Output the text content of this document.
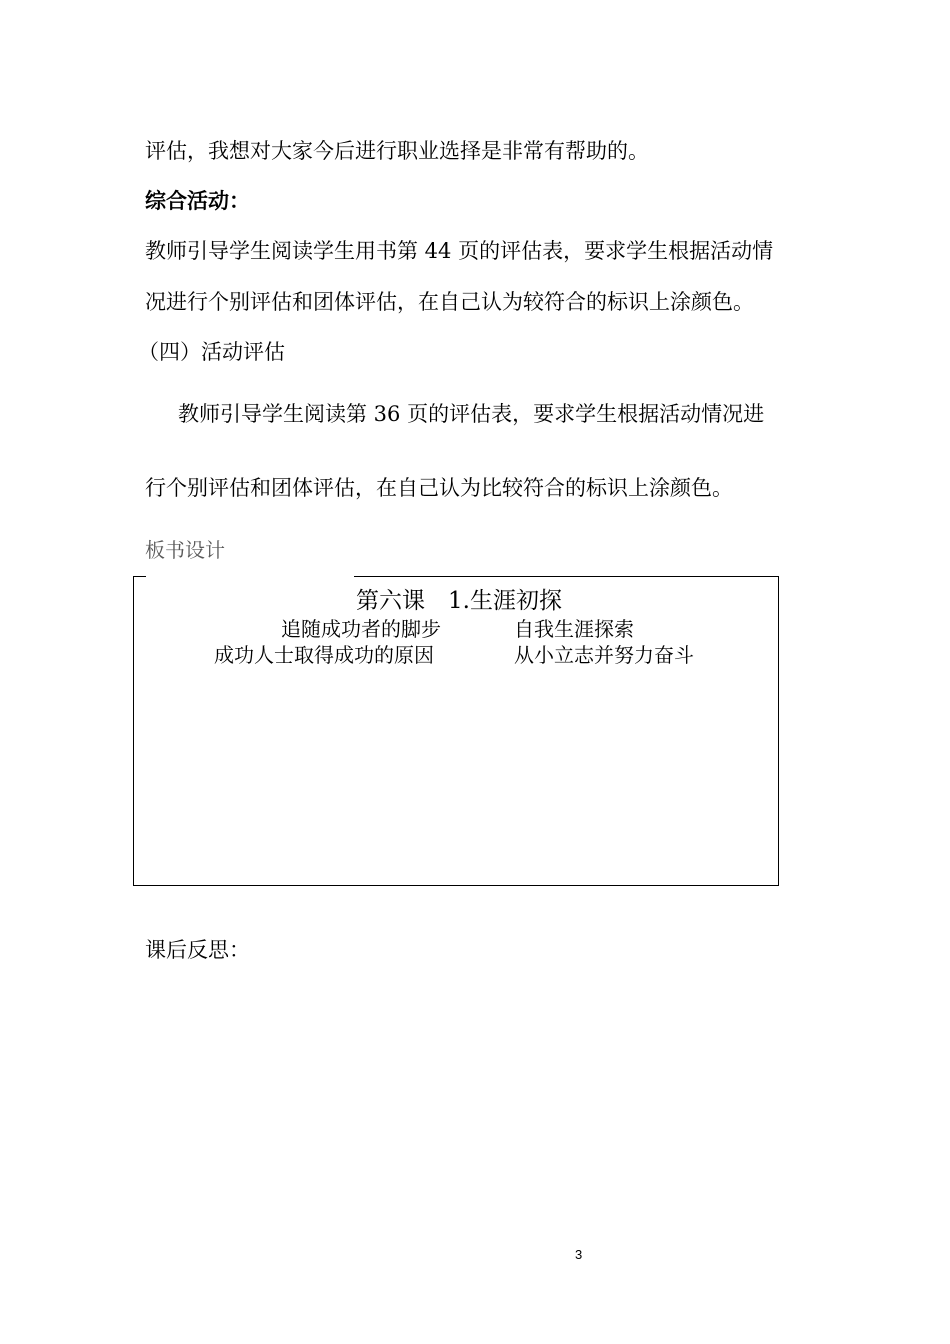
评估，我想对大家今后进行职业选择是非常有帮助的。
综合活动：
教师引导学生阅读学生用书第 44 页的评估表，要求学生根据活动情
况进行个别评估和团体评估，在自己认为较符合的标识上涂颜色。
（四）活动评估
教师引导学生阅读第 36 页的评估表，要求学生根据活动情况进
行个别评估和团体评估，在自己认为比较符合的标识上涂颜色。
板书设计
第六课　1.生涯初探
追随成功者的脚步	自我生涯探索
成功人士取得成功的原因	从小立志并努力奋斗
课后反思：
3
